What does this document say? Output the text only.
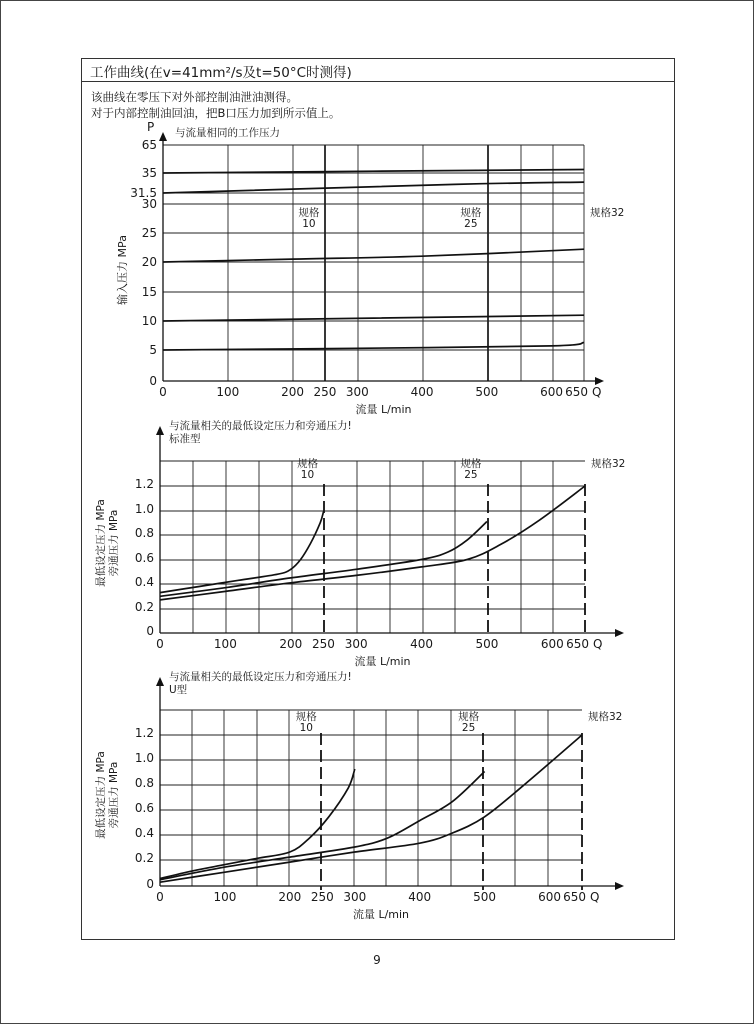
工作曲线(在v=41mm²/s及t=50°C时测得)
该曲线在零压下对外部控制油泄油测得。
对于内部控制油回油，把B口压力加到所示值上。
0
5
10
15
20
25
30
31.5
35
65
0	100	200 250 300	400	500	600 650 Q
流量 L/min
P 与流量相同的工作压力
输入压力 MPa
规格 10
规格 25
规格32
0
0.2
0.4
0.6
0.8
1.0
1.2
0	100	200 250 300	400	500	600 650 Q
流量 L/min
与流量相关的最低设定压力和旁通压力!
标准型
最低设定压力 MPa 旁通压力 MPa
规格 10
规格 25
规格32
0
0.2
0.4
0.6
0.8
1.0
1.2
0	100	200 250 300	400	500	600 650 Q
流量 L/min
与流量相关的最低设定压力和旁通压力!
U型
最低设定压力 MPa 旁通压力 MPa
规格 10
规格 25
规格32
9
